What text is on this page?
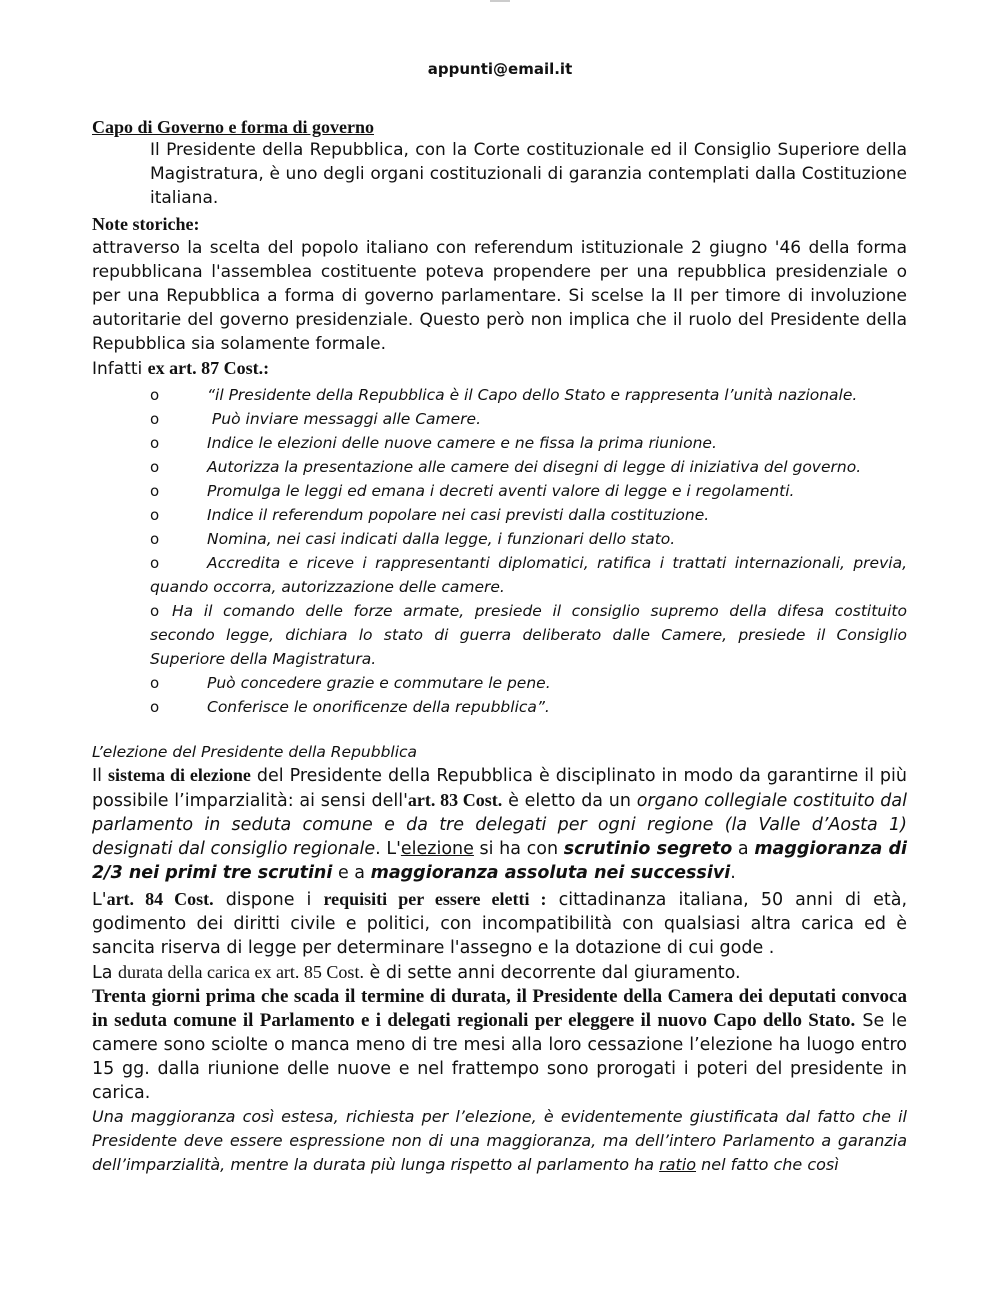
appunti@email.it
Capo di Governo e forma di governo
Il Presidente della Repubblica, con la Corte costituzionale ed il Consiglio Superiore della Magistratura, è uno degli organi costituzionali di garanzia contemplati dalla Costituzione italiana.
Note storiche:
attraverso la scelta del popolo italiano con referendum istituzionale 2 giugno '46 della forma repubblicana l'assemblea costituente poteva propendere per una repubblica presidenziale o per una Repubblica a forma di governo parlamentare. Si scelse la II per timore di involuzione autoritarie del governo presidenziale. Questo però non implica che il ruolo del Presidente della Repubblica sia solamente formale.
Infatti ex art. 87 Cost.:
o	“il Presidente della Repubblica è il Capo dello Stato e rappresenta l’unità nazionale.
o	Può inviare messaggi alle Camere.
o	Indice le elezioni delle nuove camere e ne fissa la prima riunione.
o	Autorizza la presentazione alle camere dei disegni di legge di iniziativa del governo.
o	Promulga le leggi ed emana i decreti aventi valore di legge e i regolamenti.
o	Indice il referendum popolare nei casi previsti dalla costituzione.
o	Nomina, nei casi indicati dalla legge, i funzionari dello stato.
o	Accredita e riceve i rappresentanti diplomatici, ratifica i trattati internazionali, previa, quando occorra, autorizzazione delle camere.
o Ha il comando delle forze armate, presiede il consiglio supremo della difesa costituito secondo legge, dichiara lo stato di guerra deliberato dalle Camere, presiede il Consiglio Superiore della Magistratura.
o	Può concedere grazie e commutare le pene.
o	Conferisce le onorificenze della repubblica”.
L’elezione del Presidente della Repubblica
Il sistema di elezione del Presidente della Repubblica è disciplinato in modo da garantirne il più possibile l’imparzialità: ai sensi dell'art. 83 Cost. è eletto da un organo collegiale costituito dal parlamento in seduta comune e da tre delegati per ogni regione (la Valle d’Aosta 1) designati dal consiglio regionale. L'elezione si ha con scrutinio segreto a maggioranza di 2/3 nei primi tre scrutini e a maggioranza assoluta nei successivi.
L'art. 84 Cost. dispone i requisiti per essere eletti : cittadinanza italiana, 50 anni di età, godimento dei diritti civile e politici, con incompatibilità con qualsiasi altra carica ed è sancita riserva di legge per determinare l'assegno e la dotazione di cui gode .
La durata della carica ex art. 85 Cost. è di sette anni decorrente dal giuramento.
Trenta giorni prima che scada il termine di durata, il Presidente della Camera dei deputati convoca in seduta comune il Parlamento e i delegati regionali per eleggere il nuovo Capo dello Stato. Se le camere sono sciolte o manca meno di tre mesi alla loro cessazione l’elezione ha luogo entro 15 gg. dalla riunione delle nuove e nel frattempo sono prorogati i poteri del presidente in carica.
Una maggioranza così estesa, richiesta per l’elezione, è evidentemente giustificata dal fatto che il Presidente deve essere espressione non di una maggioranza, ma dell’intero Parlamento a garanzia dell’imparzialità, mentre la durata più lunga rispetto al parlamento ha ratio nel fatto che così
